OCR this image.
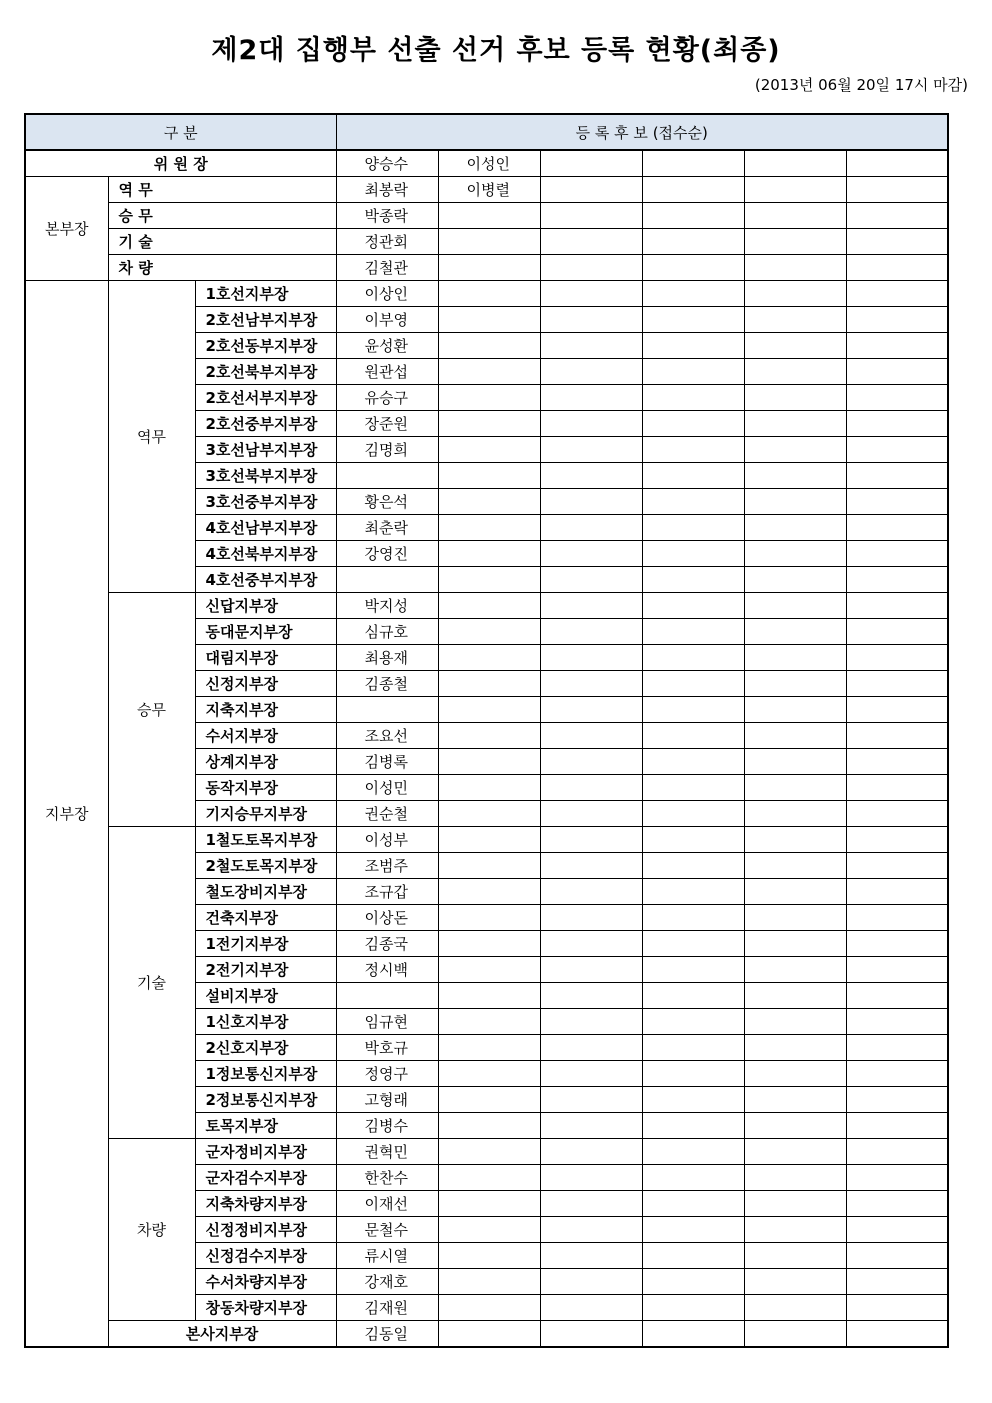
제2대 집행부 선출 선거 후보 등록 현황(최종)
(2013년 06월 20일 17시 마감)
구 분			등 록 후 보 (접수순)					
위 원 장			양승수	이성인				
본부장	역 무		최봉락	이병렬				
	승 무		박종락					
	기 술		정관회					
	차 량		김철관					
지부장	역무	1호선지부장	이상인					
		2호선남부지부장	이부영					
		2호선동부지부장	윤성환					
		2호선북부지부장	원관섭					
		2호선서부지부장	유승구					
		2호선중부지부장	장준원					
		3호선남부지부장	김명희					
		3호선북부지부장						
		3호선중부지부장	황은석					
		4호선남부지부장	최춘락					
		4호선북부지부장	강영진					
		4호선중부지부장						
	승무	신답지부장	박지성					
		동대문지부장	심규호					
		대림지부장	최용재					
		신정지부장	김종철					
		지축지부장						
		수서지부장	조요선					
		상계지부장	김병록					
		동작지부장	이성민					
		기지승무지부장	권순철					
	기술	1철도토목지부장	이성부					
		2철도토목지부장	조범주					
		철도장비지부장	조규갑					
		건축지부장	이상돈					
		1전기지부장	김종국					
		2전기지부장	정시백					
		설비지부장						
		1신호지부장	임규현					
		2신호지부장	박호규					
		1정보통신지부장	정영구					
		2정보통신지부장	고형래					
		토목지부장	김병수					
	차량	군자정비지부장	권혁민					
		군자검수지부장	한찬수					
		지축차량지부장	이재선					
		신정정비지부장	문철수					
		신정검수지부장	류시열					
		수서차량지부장	강재호					
		창동차량지부장	김재원					
	본사지부장		김동일					
